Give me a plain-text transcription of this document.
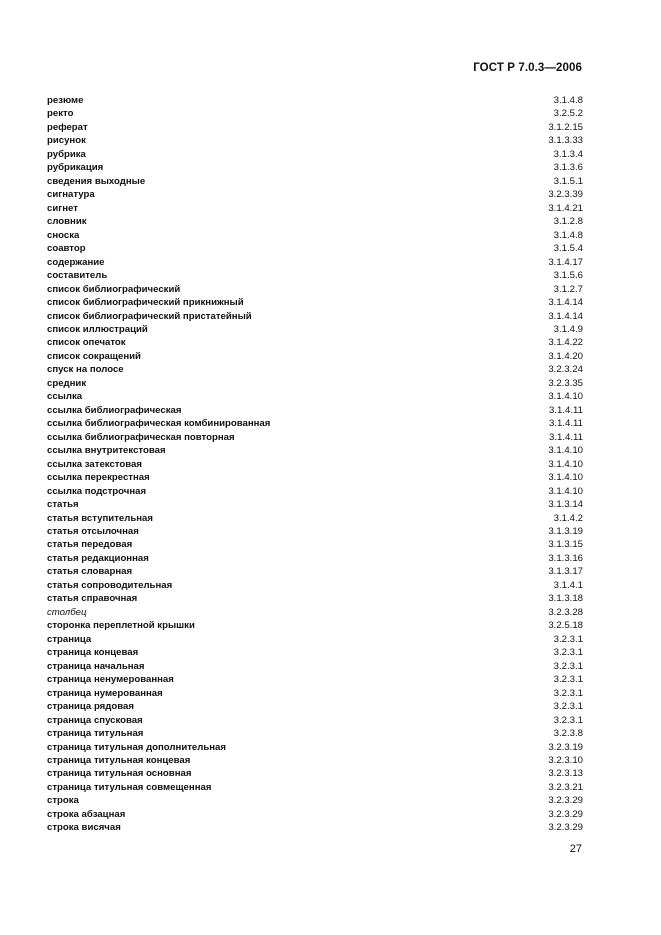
ГОСТ Р 7.0.3—2006
резюме	3.1.4.8
ректо	3.2.5.2
реферат	3.1.2.15
рисунок	3.1.3.33
рубрика	3.1.3.4
рубрикация	3.1.3.6
сведения выходные	3.1.5.1
сигнатура	3.2.3.39
сигнет	3.1.4.21
словник	3.1.2.8
сноска	3.1.4.8
соавтор	3.1.5.4
содержание	3.1.4.17
составитель	3.1.5.6
список библиографический	3.1.2.7
список библиографический прикнижный	3.1.4.14
список библиографический пристатейный	3.1.4.14
список иллюстраций	3.1.4.9
список опечаток	3.1.4.22
список сокращений	3.1.4.20
спуск на полосе	3.2.3.24
средник	3.2.3.35
ссылка	3.1.4.10
ссылка библиографическая	3.1.4.11
ссылка библиографическая комбинированная	3.1.4.11
ссылка библиографическая повторная	3.1.4.11
ссылка внутритекстовая	3.1.4.10
ссылка затекстовая	3.1.4.10
ссылка перекрестная	3.1.4.10
ссылка подстрочная	3.1.4.10
статья	3.1.3.14
статья вступительная	3.1.4.2
статья отсылочная	3.1.3.19
статья передовая	3.1.3.15
статья редакционная	3.1.3.16
статья словарная	3.1.3.17
статья сопроводительная	3.1.4.1
статья справочная	3.1.3.18
столбец	3.2.3.28
сторонка переплетной крышки	3.2.5.18
страница	3.2.3.1
страница концевая	3.2.3.1
страница начальная	3.2.3.1
страница ненумерованная	3.2.3.1
страница нумерованная	3.2.3.1
страница рядовая	3.2.3.1
страница спусковая	3.2.3.1
страница титульная	3.2.3.8
страница титульная дополнительная	3.2.3.19
страница титульная концевая	3.2.3.10
страница титульная основная	3.2.3.13
страница титульная совмещенная	3.2.3.21
строка	3.2.3.29
строка абзацная	3.2.3.29
строка висячая	3.2.3.29
27
